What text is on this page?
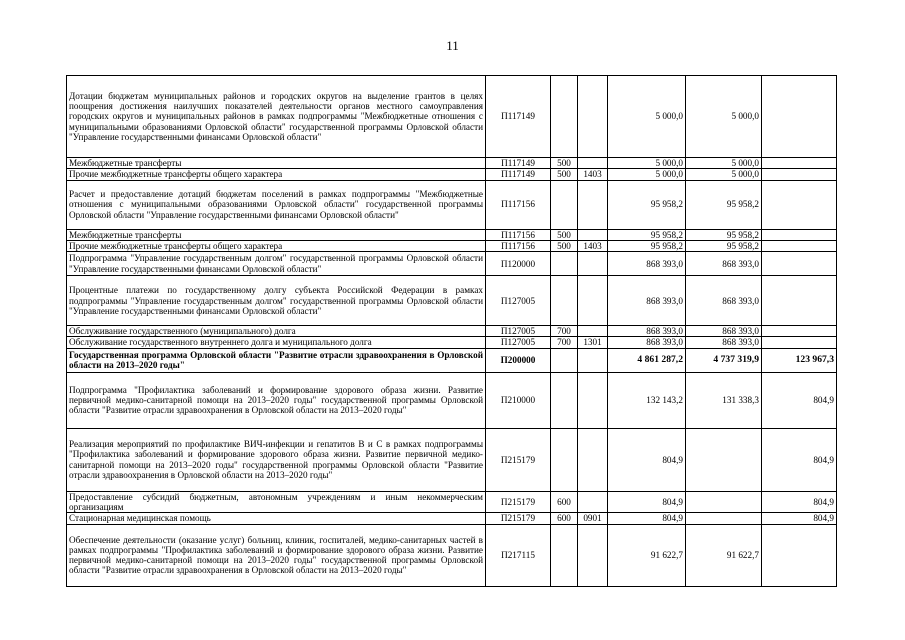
11
Дотации бюджетам муниципальных районов и городских округов на выделение грантов в целях поощрения достижения наилучших показателей деятельности органов местного самоуправления городских округов и муниципальных районов в рамках подпрограммы "Межбюджетные отношения с муниципальными образованиями Орловской области" государственной программы Орловской области "Управление государственными финансами Орловской области"	П117149			5 000,0	5 000,0	
Межбюджетные трансферты	П117149	500		5 000,0	5 000,0	
Прочие межбюджетные трансферты общего характера	П117149	500	1403	5 000,0	5 000,0	
Расчет и предоставление дотаций бюджетам поселений в рамках подпрограммы "Межбюджетные отношения с муниципальными образованиями Орловской области" государственной программы Орловской области "Управление государственными финансами Орловской области"	П117156			95 958,2	95 958,2	
Межбюджетные трансферты	П117156	500		95 958,2	95 958,2	
Прочие межбюджетные трансферты общего характера	П117156	500	1403	95 958,2	95 958,2	
Подпрограмма "Управление государственным долгом" государственной программы Орловской области "Управление государственными финансами Орловской области"	П120000			868 393,0	868 393,0	
Процентные платежи по государственному долгу субъекта Российской Федерации в рамках подпрограммы "Управление государственным долгом" государственной программы Орловской области "Управление государственными финансами Орловской области"	П127005			868 393,0	868 393,0	
Обслуживание государственного (муниципального) долга	П127005	700		868 393,0	868 393,0	
Обслуживание государственного внутреннего долга и муниципального долга	П127005	700	1301	868 393,0	868 393,0	
Государственная программа Орловской области "Развитие отрасли здравоохранения в Орловской области на 2013–2020 годы"	П200000			4 861 287,2	4 737 319,9	123 967,3
Подпрограмма "Профилактика заболеваний и формирование здорового образа жизни. Развитие первичной медико-санитарной помощи на 2013–2020 годы" государственной программы Орловской области "Развитие отрасли здравоохранения в Орловской области на 2013–2020 годы"	П210000			132 143,2	131 338,3	804,9
Реализация мероприятий по профилактике ВИЧ-инфекции и гепатитов В и С в рамках подпрограммы "Профилактика заболеваний и формирование здорового образа жизни. Развитие первичной медико-санитарной помощи на 2013–2020 годы" государственной программы Орловской области "Развитие отрасли здравоохранения в Орловской области на 2013–2020 годы"	П215179			804,9		804,9
Предоставление субсидий бюджетным, автономным учреждениям и иным некоммерческим организациям	П215179	600		804,9		804,9
Стационарная медицинская помощь	П215179	600	0901	804,9		804,9
Обеспечение деятельности (оказание услуг) больниц, клиник, госпиталей, медико-санитарных частей в рамках подпрограммы "Профилактика заболеваний и формирование здорового образа жизни. Развитие первичной медико-санитарной помощи на 2013–2020 годы" государственной программы Орловской области "Развитие отрасли здравоохранения в Орловской области на 2013–2020 годы"	П217115			91 622,7	91 622,7	
